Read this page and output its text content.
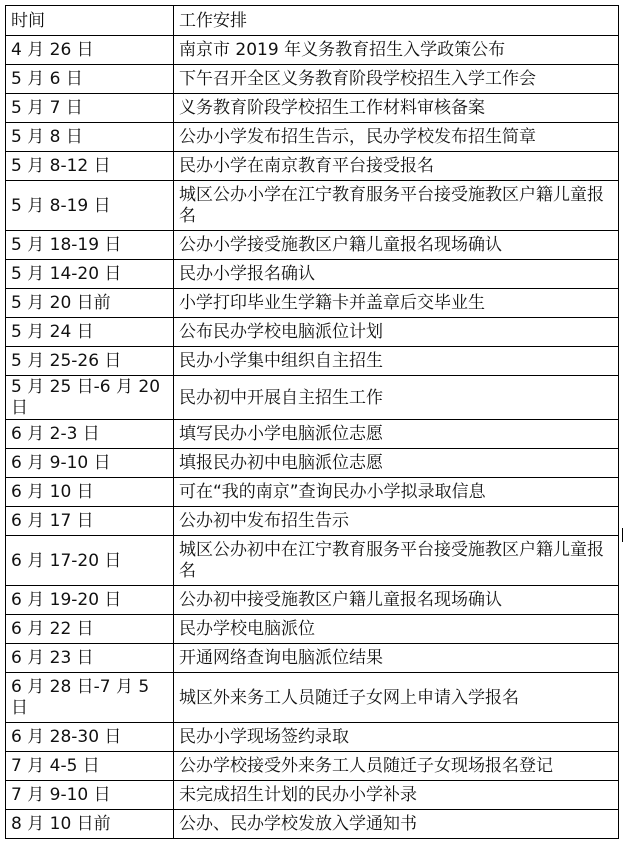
时间	工作安排
4 月 26 日	南京市 2019 年义务教育招生入学政策公布
5 月 6 日	下午召开全区义务教育阶段学校招生入学工作会
5 月 7 日	义务教育阶段学校招生工作材料审核备案
5 月 8 日	公办小学发布招生告示，民办学校发布招生简章
5 月 8-12 日	民办小学在南京教育平台接受报名
5 月 8-19 日	城区公办小学在江宁教育服务平台接受施教区户籍儿童报名
5 月 18-19 日	公办小学接受施教区户籍儿童报名现场确认
5 月 14-20 日	民办小学报名确认
5 月 20 日前	小学打印毕业生学籍卡并盖章后交毕业生
5 月 24 日	公布民办学校电脑派位计划
5 月 25-26 日	民办小学集中组织自主招生
5 月 25 日-6 月 20 日	民办初中开展自主招生工作
6 月 2-3 日	填写民办小学电脑派位志愿
6 月 9-10 日	填报民办初中电脑派位志愿
6 月 10 日	可在“我的南京”查询民办小学拟录取信息
6 月 17 日	公办初中发布招生告示
6 月 17-20 日	城区公办初中在江宁教育服务平台接受施教区户籍儿童报名
6 月 19-20 日	公办初中接受施教区户籍儿童报名现场确认
6 月 22 日	民办学校电脑派位
6 月 23 日	开通网络查询电脑派位结果
6 月 28 日-7 月 5 日	城区外来务工人员随迁子女网上申请入学报名
6 月 28-30 日	民办小学现场签约录取
7 月 4-5 日	公办学校接受外来务工人员随迁子女现场报名登记
7 月 9-10 日	未完成招生计划的民办小学补录
8 月 10 日前	公办、民办学校发放入学通知书
